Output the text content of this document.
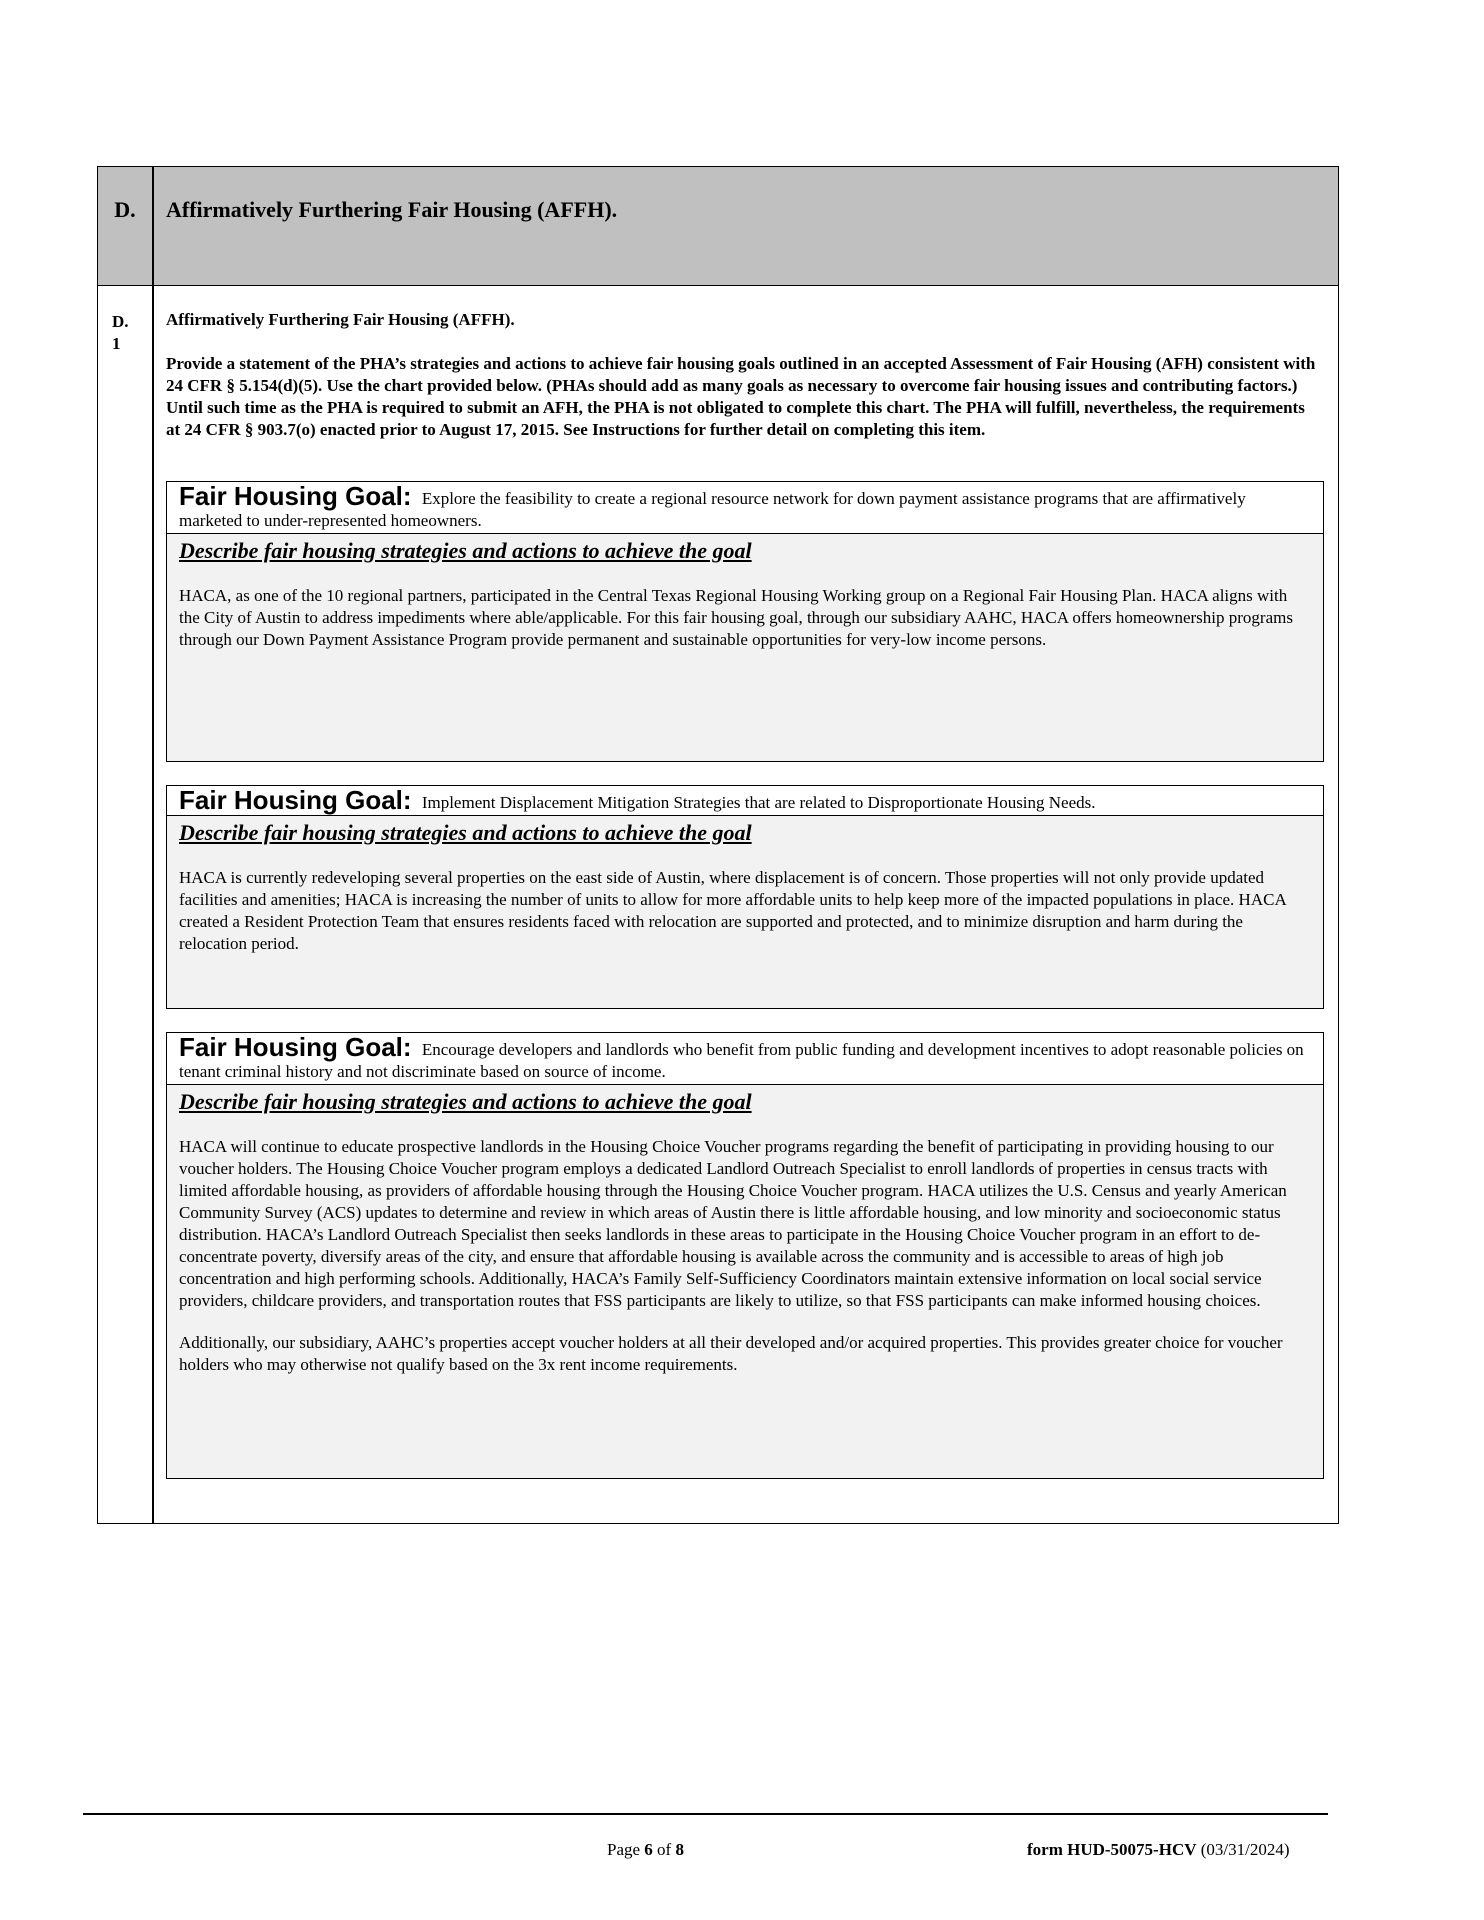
D.	Affirmatively Furthering Fair Housing (AFFH).
D.
1
Affirmatively Furthering Fair Housing (AFFH).
Provide a statement of the PHA’s strategies and actions to achieve fair housing goals outlined in an accepted Assessment of Fair Housing (AFH) consistent with 24 CFR § 5.154(d)(5). Use the chart provided below. (PHAs should add as many goals as necessary to overcome fair housing issues and contributing factors.) Until such time as the PHA is required to submit an AFH, the PHA is not obligated to complete this chart. The PHA will fulfill, nevertheless, the requirements at 24 CFR § 903.7(o) enacted prior to August 17, 2015. See Instructions for further detail on completing this item.
Fair Housing Goal: Explore the feasibility to create a regional resource network for down payment assistance programs that are affirmatively marketed to under-represented homeowners.
Describe fair housing strategies and actions to achieve the goal

HACA, as one of the 10 regional partners, participated in the Central Texas Regional Housing Working group on a Regional Fair Housing Plan. HACA aligns with the City of Austin to address impediments where able/applicable. For this fair housing goal, through our subsidiary AAHC, HACA offers homeownership programs through our Down Payment Assistance Program provide permanent and sustainable opportunities for very-low income persons.

Fair Housing Goal: Implement Displacement Mitigation Strategies that are related to Disproportionate Housing Needs.
Describe fair housing strategies and actions to achieve the goal

HACA is currently redeveloping several properties on the east side of Austin, where displacement is of concern. Those properties will not only provide updated facilities and amenities; HACA is increasing the number of units to allow for more affordable units to help keep more of the impacted populations in place. HACA created a Resident Protection Team that ensures residents faced with relocation are supported and protected, and to minimize disruption and harm during the relocation period.

Fair Housing Goal: Encourage developers and landlords who benefit from public funding and development incentives to adopt reasonable policies on tenant criminal history and not discriminate based on source of income.
Describe fair housing strategies and actions to achieve the goal

HACA will continue to educate prospective landlords in the Housing Choice Voucher programs regarding the benefit of participating in providing housing to our voucher holders. The Housing Choice Voucher program employs a dedicated Landlord Outreach Specialist to enroll landlords of properties in census tracts with limited affordable housing, as providers of affordable housing through the Housing Choice Voucher program. HACA utilizes the U.S. Census and yearly American Community Survey (ACS) updates to determine and review in which areas of Austin there is little affordable housing, and low minority and socioeconomic status distribution. HACA’s Landlord Outreach Specialist then seeks landlords in these areas to participate in the Housing Choice Voucher program in an effort to de-concentrate poverty, diversify areas of the city, and ensure that affordable housing is available across the community and is accessible to areas of high job concentration and high performing schools. Additionally, HACA’s Family Self-Sufficiency Coordinators maintain extensive information on local social service providers, childcare providers, and transportation routes that FSS participants are likely to utilize, so that FSS participants can make informed housing choices.

Additionally, our subsidiary, AAHC’s properties accept voucher holders at all their developed and/or acquired properties. This provides greater choice for voucher holders who may otherwise not qualify based on the 3x rent income requirements.

Page 6 of 8	form HUD-50075-HCV (03/31/2024)
